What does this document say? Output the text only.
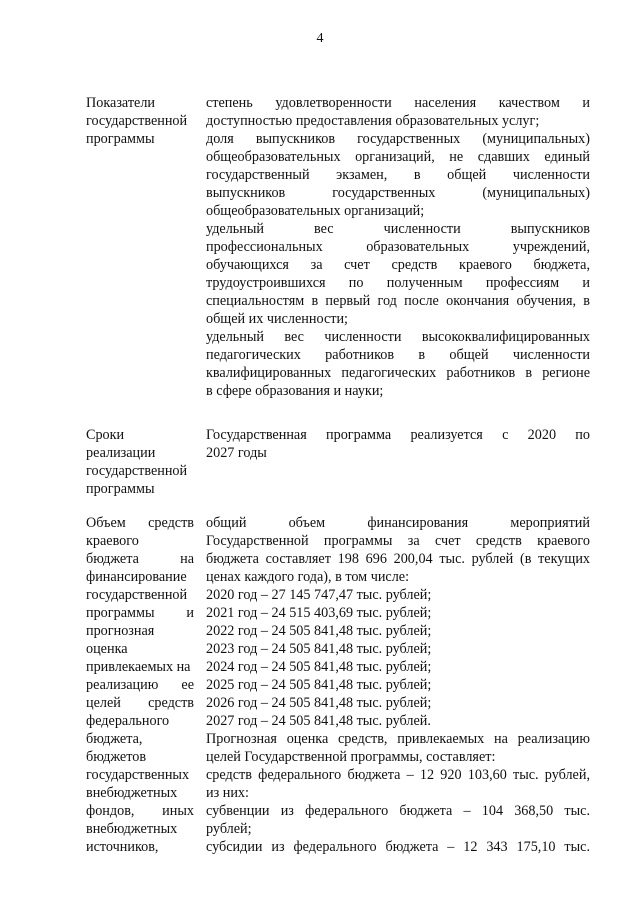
4
Показатели
государственной
программы
степень удовлетворенности населения качеством и
доступностью предоставления образовательных услуг;
доля выпускников государственных (муниципальных)
общеобразовательных организаций, не сдавших единый
государственный экзамен, в общей численности
выпускников государственных (муниципальных)
общеобразовательных организаций;
удельный вес численности выпускников
профессиональных образовательных учреждений,
обучающихся за счет средств краевого бюджета,
трудоустроившихся по полученным профессиям и
специальностям в первый год после окончания обучения, в
общей их численности;
удельный вес численности высококвалифицированных
педагогических работников в общей численности
квалифицированных педагогических работников в регионе
в сфере образования и науки;
Сроки
реализации
государственной
программы
Государственная программа реализуется с 2020 по
2027 годы
Объем средств
краевого
бюджета на
финансирование
государственной
программы и
прогнозная
оценка
привлекаемых на
реализацию ее
целей средств
федерального
бюджета,
бюджетов
государственных
внебюджетных
фондов, иных
внебюджетных
источников,
общий объем финансирования мероприятий
Государственной программы за счет средств краевого
бюджета составляет 198 696 200,04 тыс. рублей (в текущих
ценах каждого года), в том числе:
2020 год – 27 145 747,47 тыс. рублей;
2021 год – 24 515 403,69 тыс. рублей;
2022 год – 24 505 841,48 тыс. рублей;
2023 год – 24 505 841,48 тыс. рублей;
2024 год – 24 505 841,48 тыс. рублей;
2025 год – 24 505 841,48 тыс. рублей;
2026 год – 24 505 841,48 тыс. рублей;
2027 год – 24 505 841,48 тыс. рублей.
Прогнозная оценка средств, привлекаемых на реализацию
целей Государственной программы, составляет:
средств федерального бюджета – 12 920 103,60 тыс. рублей,
из них:
субвенции из федерального бюджета – 104 368,50 тыс.
рублей;
субсидии из федерального бюджета – 12 343 175,10 тыс.
